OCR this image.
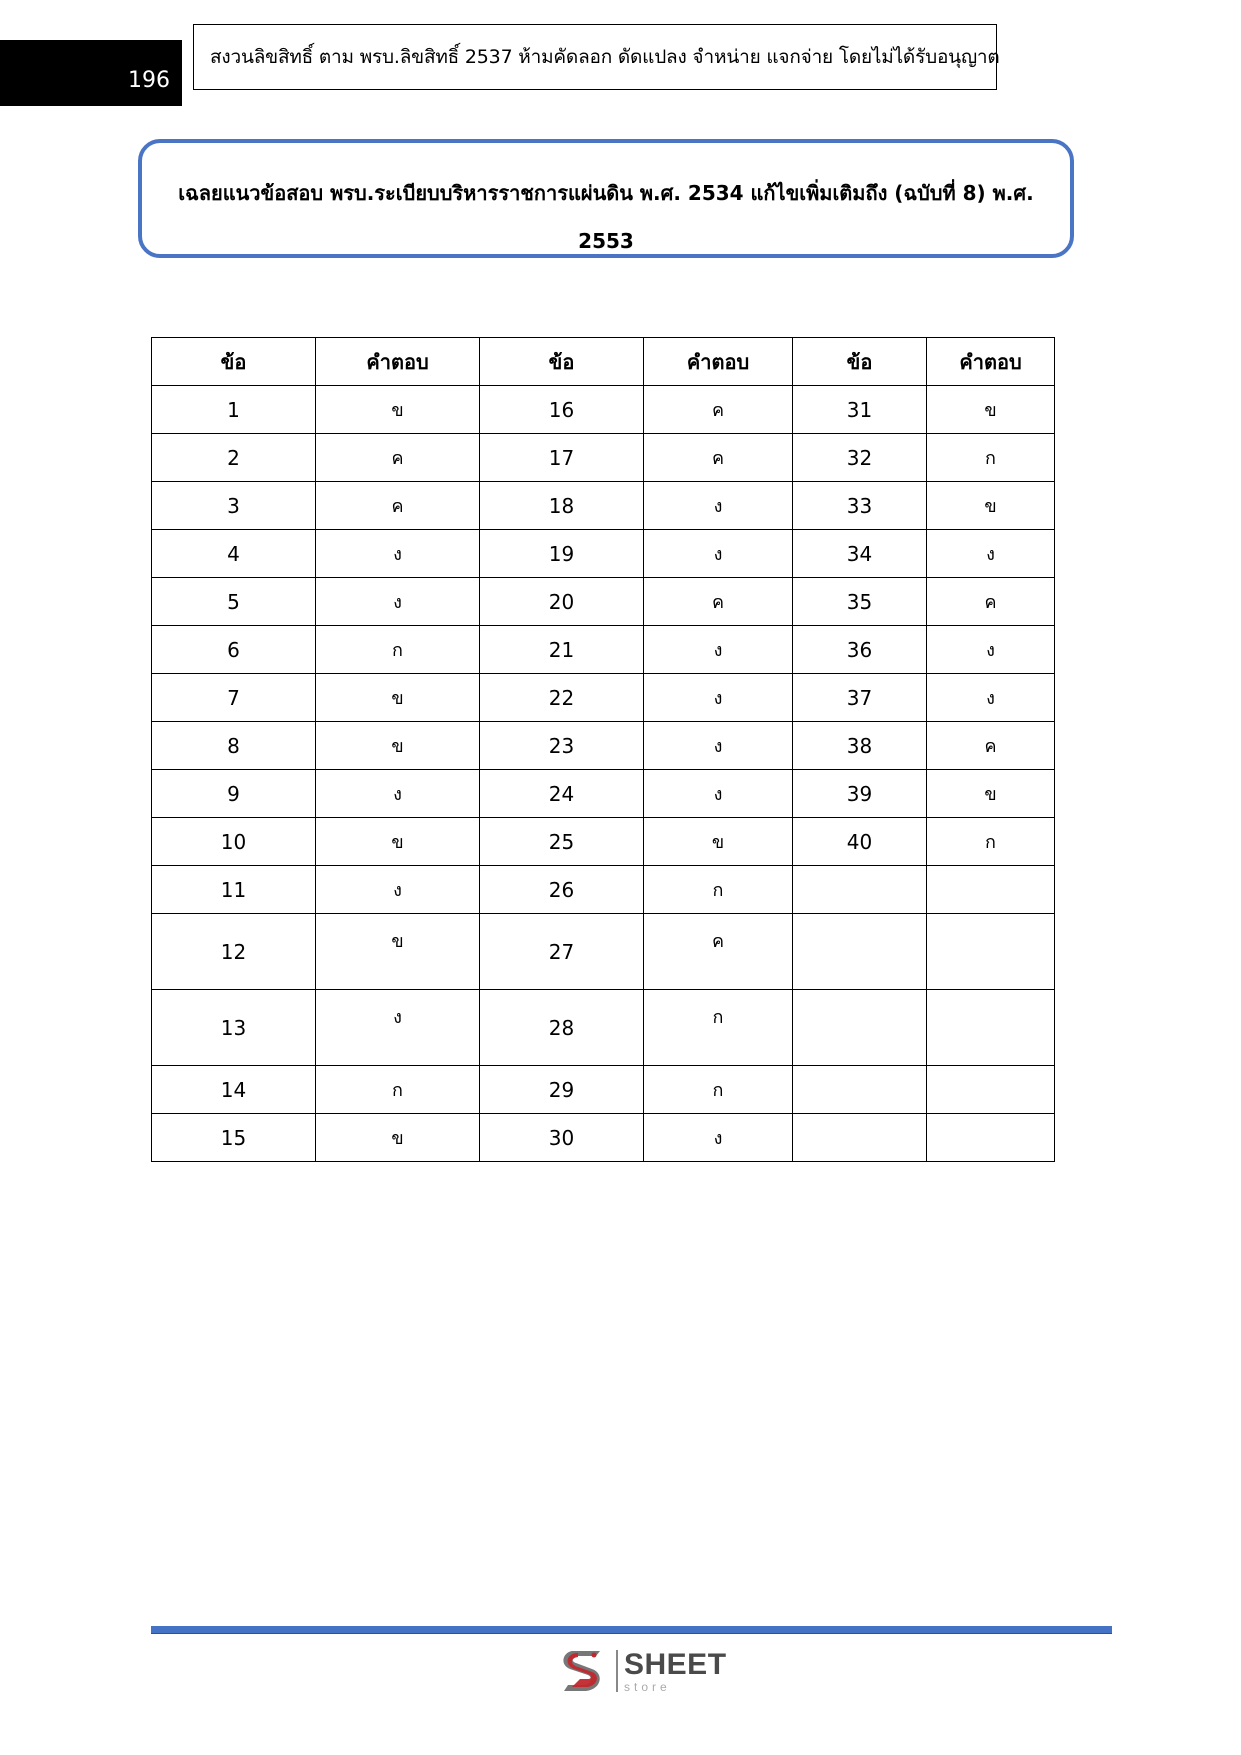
196
สงวนลิขสิทธิ์ ตาม พรบ.ลิขสิทธิ์ 2537 ห้ามคัดลอก ดัดแปลง จำหน่าย แจกจ่าย โดยไม่ได้รับอนุญาต
เฉลยแนวข้อสอบ พรบ.ระเบียบบริหารราชการแผ่นดิน พ.ศ. 2534 แก้ไขเพิ่มเติมถึง (ฉบับที่ 8) พ.ศ.
2553
ข้อ	คำตอบ	ข้อ	คำตอบ	ข้อ	คำตอบ
1	ข	16	ค	31	ข
2	ค	17	ค	32	ก
3	ค	18	ง	33	ข
4	ง	19	ง	34	ง
5	ง	20	ค	35	ค
6	ก	21	ง	36	ง
7	ข	22	ง	37	ง
8	ข	23	ง	38	ค
9	ง	24	ง	39	ข
10	ข	25	ข	40	ก
11	ง	26	ก		
12	ข	27	ค		
13	ง	28	ก		
14	ก	29	ก		
15	ข	30	ง		
SHEET
store
